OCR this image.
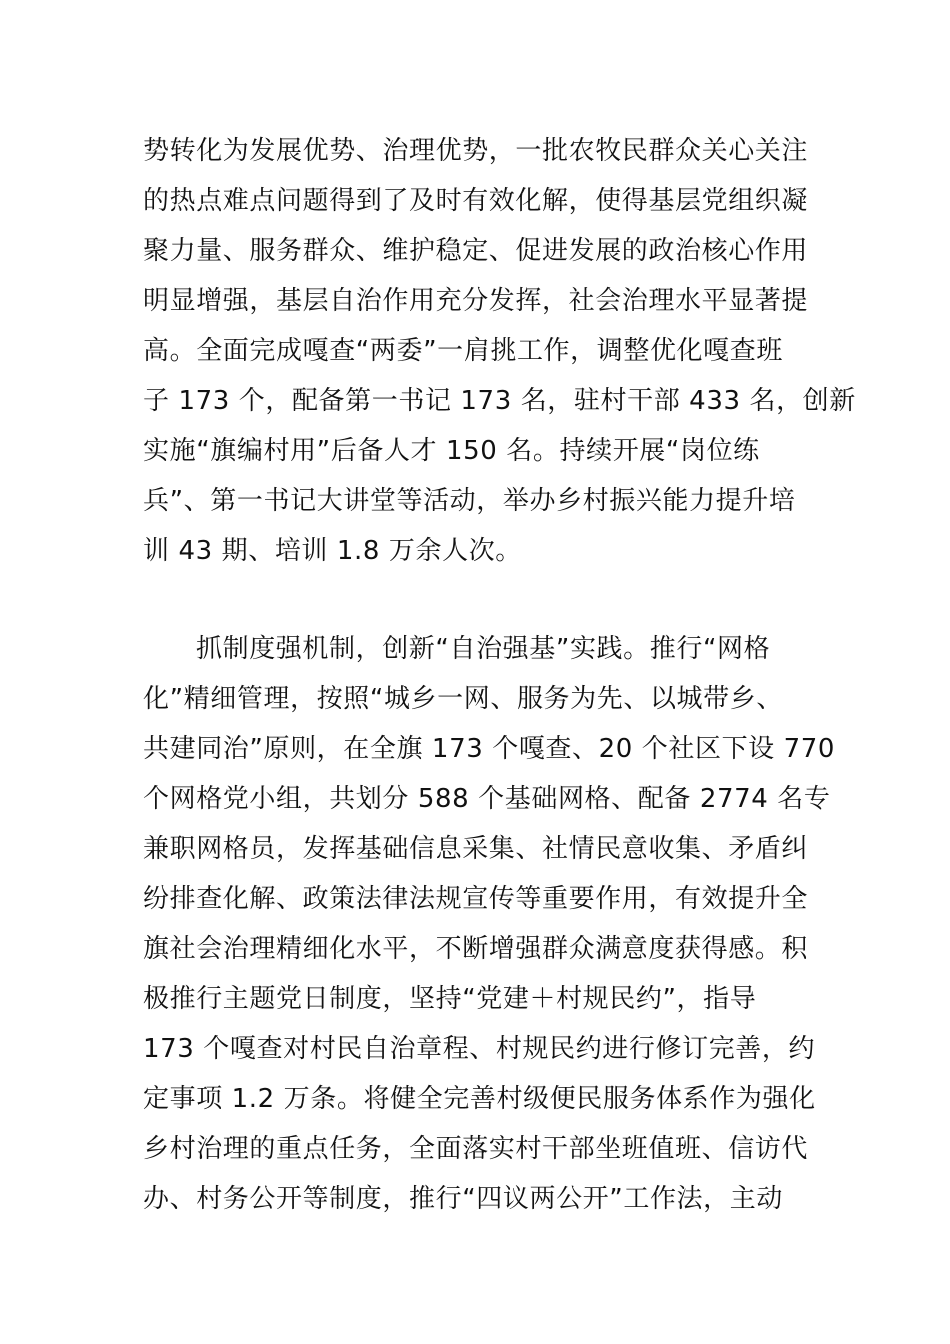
势转化为发展优势、治理优势，一批农牧民群众关心关注
的热点难点问题得到了及时有效化解，使得基层党组织凝
聚力量、服务群众、维护稳定、促进发展的政治核心作用
明显增强，基层自治作用充分发挥，社会治理水平显著提
高。全面完成嘎查“两委”一肩挑工作，调整优化嘎查班
子 173 个，配备第一书记 173 名，驻村干部 433 名，创新
实施“旗编村用”后备人才 150 名。持续开展“岗位练
兵”、第一书记大讲堂等活动，举办乡村振兴能力提升培
训 43 期、培训 1.8 万余人次。
抓制度强机制，创新“自治强基”实践。推行“网格
化”精细管理，按照“城乡一网、服务为先、以城带乡、
共建同治”原则，在全旗 173 个嘎查、20 个社区下设 770
个网格党小组，共划分 588 个基础网格、配备 2774 名专
兼职网格员，发挥基础信息采集、社情民意收集、矛盾纠
纷排查化解、政策法律法规宣传等重要作用，有效提升全
旗社会治理精细化水平，不断增强群众满意度获得感。积
极推行主题党日制度，坚持“党建＋村规民约”，指导
173 个嘎查对村民自治章程、村规民约进行修订完善，约
定事项 1.2 万条。将健全完善村级便民服务体系作为强化
乡村治理的重点任务，全面落实村干部坐班值班、信访代
办、村务公开等制度，推行“四议两公开”工作法，主动
